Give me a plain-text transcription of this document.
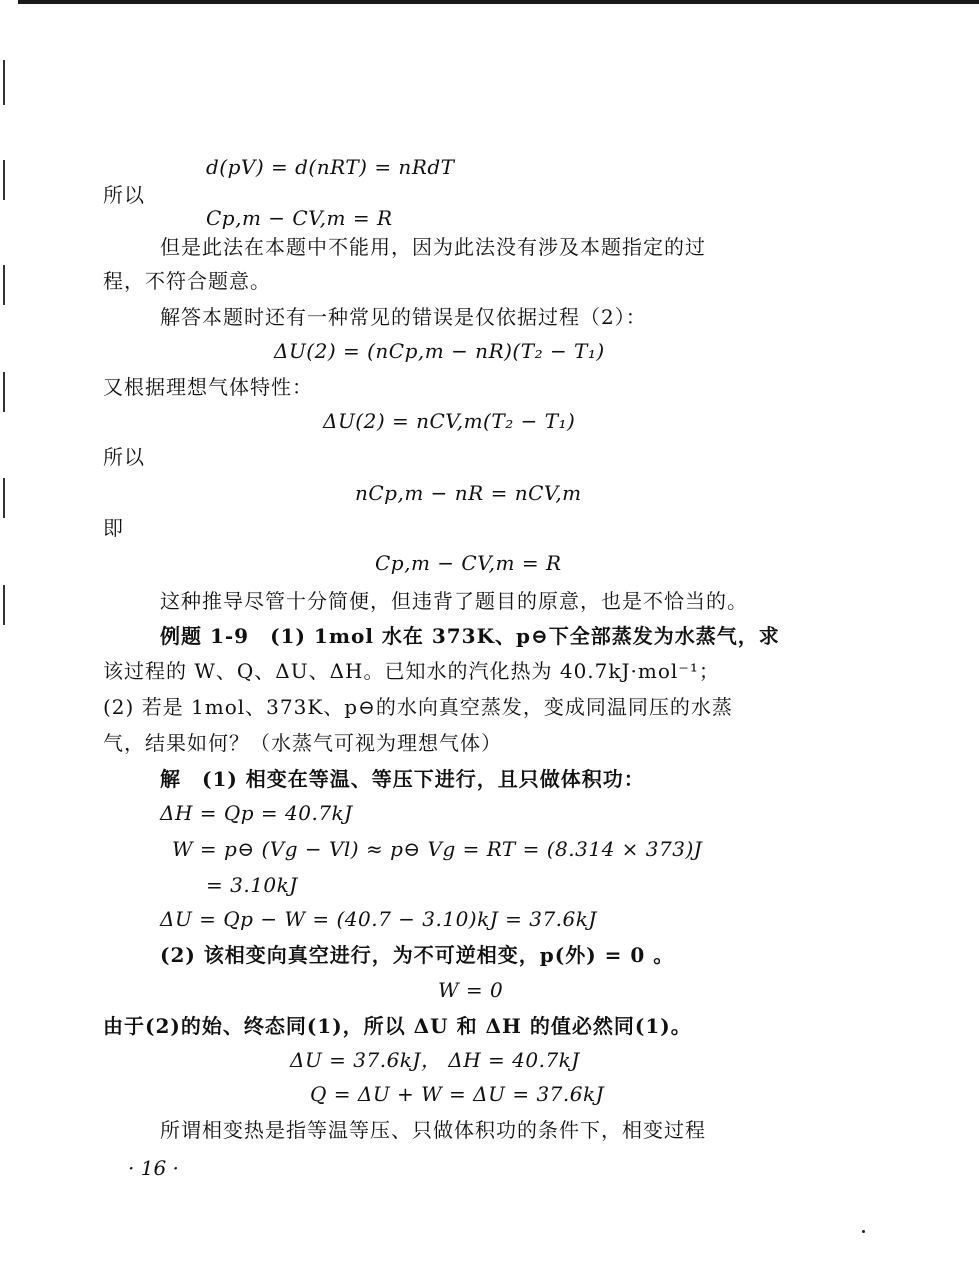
d(pV) = d(nRT) = nRdT
所以
Cp,m − CV,m = R
但是此法在本题中不能用，因为此法没有涉及本题指定的过
程，不符合题意。
解答本题时还有一种常见的错误是仅依据过程（2）：
ΔU(2) = (nCp,m − nR)(T₂ − T₁)
又根据理想气体特性：
ΔU(2) = nCV,m(T₂ − T₁)
所以
nCp,m − nR = nCV,m
即
Cp,m − CV,m = R
这种推导尽管十分简便，但违背了题目的原意，也是不恰当的。
例题 1-9　(1) 1mol 水在 373K、p⊖下全部蒸发为水蒸气，求
该过程的 W、Q、ΔU、ΔH。已知水的汽化热为 40.7kJ·mol⁻¹；
(2) 若是 1mol、373K、p⊖的水向真空蒸发，变成同温同压的水蒸
气，结果如何？（水蒸气可视为理想气体）
解　(1) 相变在等温、等压下进行，且只做体积功：
ΔH = Qp = 40.7kJ
W = p⊖ (Vg − Vl) ≈ p⊖ Vg = RT = (8.314 × 373)J
= 3.10kJ
ΔU = Qp − W = (40.7 − 3.10)kJ = 37.6kJ
(2) 该相变向真空进行，为不可逆相变，p(外) = 0 。
W = 0
由于(2)的始、终态同(1)，所以 ΔU 和 ΔH 的值必然同(1)。
ΔU = 37.6kJ， ΔH = 40.7kJ
Q = ΔU + W = ΔU = 37.6kJ
所谓相变热是指等温等压、只做体积功的条件下，相变过程
· 16 ·
